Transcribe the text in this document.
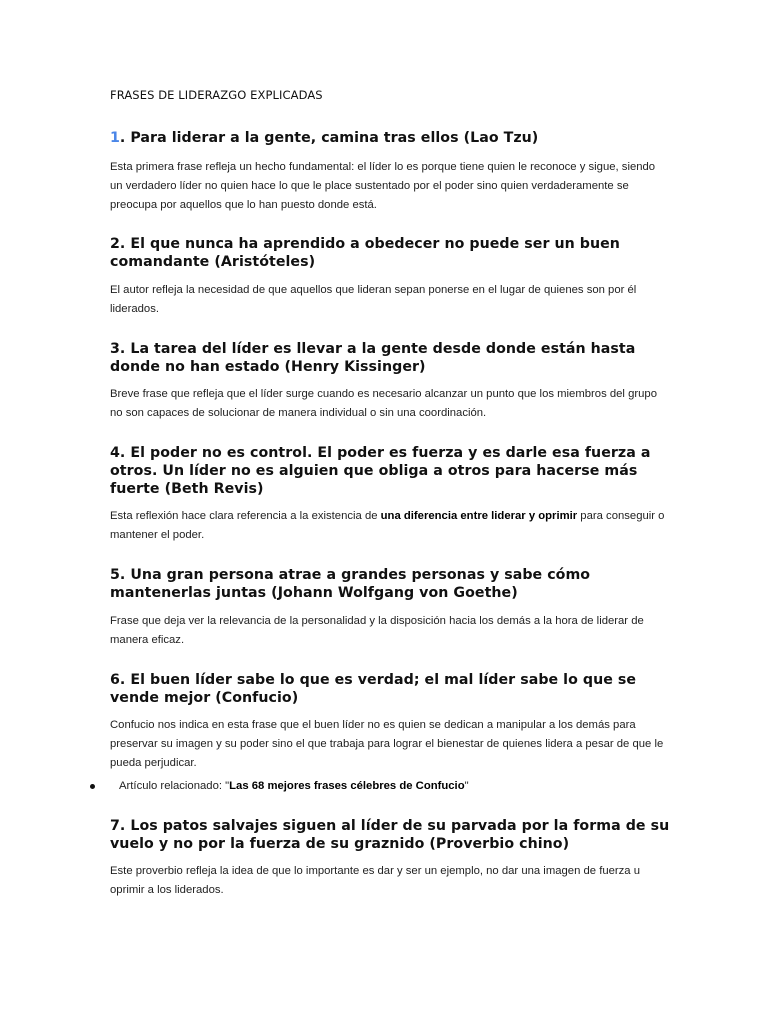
FRASES DE LIDERAZGO EXPLICADAS
1. Para liderar a la gente, camina tras ellos (Lao Tzu)

Esta primera frase refleja un hecho fundamental: el líder lo es porque tiene quien le reconoce y sigue, siendo un verdadero líder no quien hace lo que le place sustentado por el poder sino quien verdaderamente se preocupa por aquellos que lo han puesto donde está.

2. El que nunca ha aprendido a obedecer no puede ser un buen comandante (Aristóteles)

El autor refleja la necesidad de que aquellos que lideran sepan ponerse en el lugar de quienes son por él liderados.

3. La tarea del líder es llevar a la gente desde donde están hasta donde no han estado (Henry Kissinger)

Breve frase que refleja que el líder surge cuando es necesario alcanzar un punto que los miembros del grupo no son capaces de solucionar de manera individual o sin una coordinación.

4. El poder no es control. El poder es fuerza y es darle esa fuerza a otros. Un líder no es alguien que obliga a otros para hacerse más fuerte (Beth Revis)

Esta reflexión hace clara referencia a la existencia de una diferencia entre liderar y oprimir para conseguir o mantener el poder.

5. Una gran persona atrae a grandes personas y sabe cómo mantenerlas juntas (Johann Wolfgang von Goethe)

Frase que deja ver la relevancia de la personalidad y la disposición hacia los demás a la hora de liderar de manera eficaz.

6. El buen líder sabe lo que es verdad; el mal líder sabe lo que se vende mejor (Confucio)

Confucio nos indica en esta frase que el buen líder no es quien se dedican a manipular a los demás para preservar su imagen y su poder sino el que trabaja para lograr el bienestar de quienes lidera a pesar de que le pueda perjudicar.

Artículo relacionado: "Las 68 mejores frases célebres de Confucio"
7. Los patos salvajes siguen al líder de su parvada por la forma de su vuelo y no por la fuerza de su graznido (Proverbio chino)

Este proverbio refleja la idea de que lo importante es dar y ser un ejemplo, no dar una imagen de fuerza u oprimir a los liderados.
